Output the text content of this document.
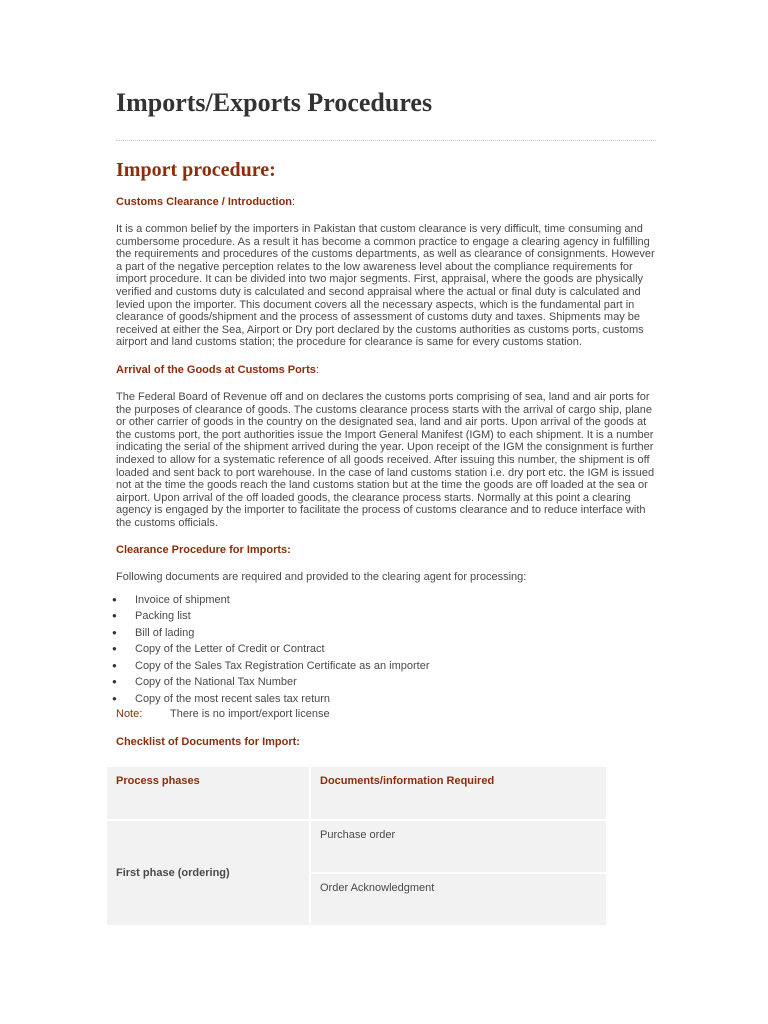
Imports/Exports Procedures
Import procedure:

Customs Clearance / Introduction:

It is a common belief by the importers in Pakistan that custom clearance is very difficult, time consuming and cumbersome procedure. As a result it has become a common practice to engage a clearing agency in fulfilling the requirements and procedures of the customs departments, as well as clearance of consignments. However a part of the negative perception relates to the low awareness level about the compliance requirements for import procedure. It can be divided into two major segments. First, appraisal, where the goods are physically verified and customs duty is calculated and second appraisal where the actual or final duty is calculated and levied upon the importer. This document covers all the necessary aspects, which is the fundamental part in clearance of goods/shipment and the process of assessment of customs duty and taxes. Shipments may be received at either the Sea, Airport or Dry port declared by the customs authorities as customs ports, customs airport and land customs station; the procedure for clearance is same for every customs station.

Arrival of the Goods at Customs Ports:

The Federal Board of Revenue off and on declares the customs ports comprising of sea, land and air ports for the purposes of clearance of goods. The customs clearance process starts with the arrival of cargo ship, plane or other carrier of goods in the country on the designated sea, land and air ports. Upon arrival of the goods at the customs port, the port authorities issue the Import General Manifest (IGM) to each shipment. It is a number indicating the serial of the shipment arrived during the year. Upon receipt of the IGM the consignment is further indexed to allow for a systematic reference of all goods received. After issuing this number, the shipment is off loaded and sent back to port warehouse. In the case of land customs station i.e. dry port etc. the IGM is issued not at the time the goods reach the land customs station but at the time the goods are off loaded at the sea or airport. Upon arrival of the off loaded goods, the clearance process starts. Normally at this point a clearing agency is engaged by the importer to facilitate the process of customs clearance and to reduce interface with the customs officials.

Clearance Procedure for Imports:

Following documents are required and provided to the clearing agent for processing:

● Invoice of shipment
● Packing list
● Bill of lading
● Copy of the Letter of Credit or Contract
● Copy of the Sales Tax Registration Certificate as an importer
● Copy of the National Tax Number
● Copy of the most recent sales tax return

Note:	There is no import/export license

Checklist of Documents for Import:

Process phases	Documents/information Required
First phase (ordering)	Purchase order
	Order Acknowledgment
